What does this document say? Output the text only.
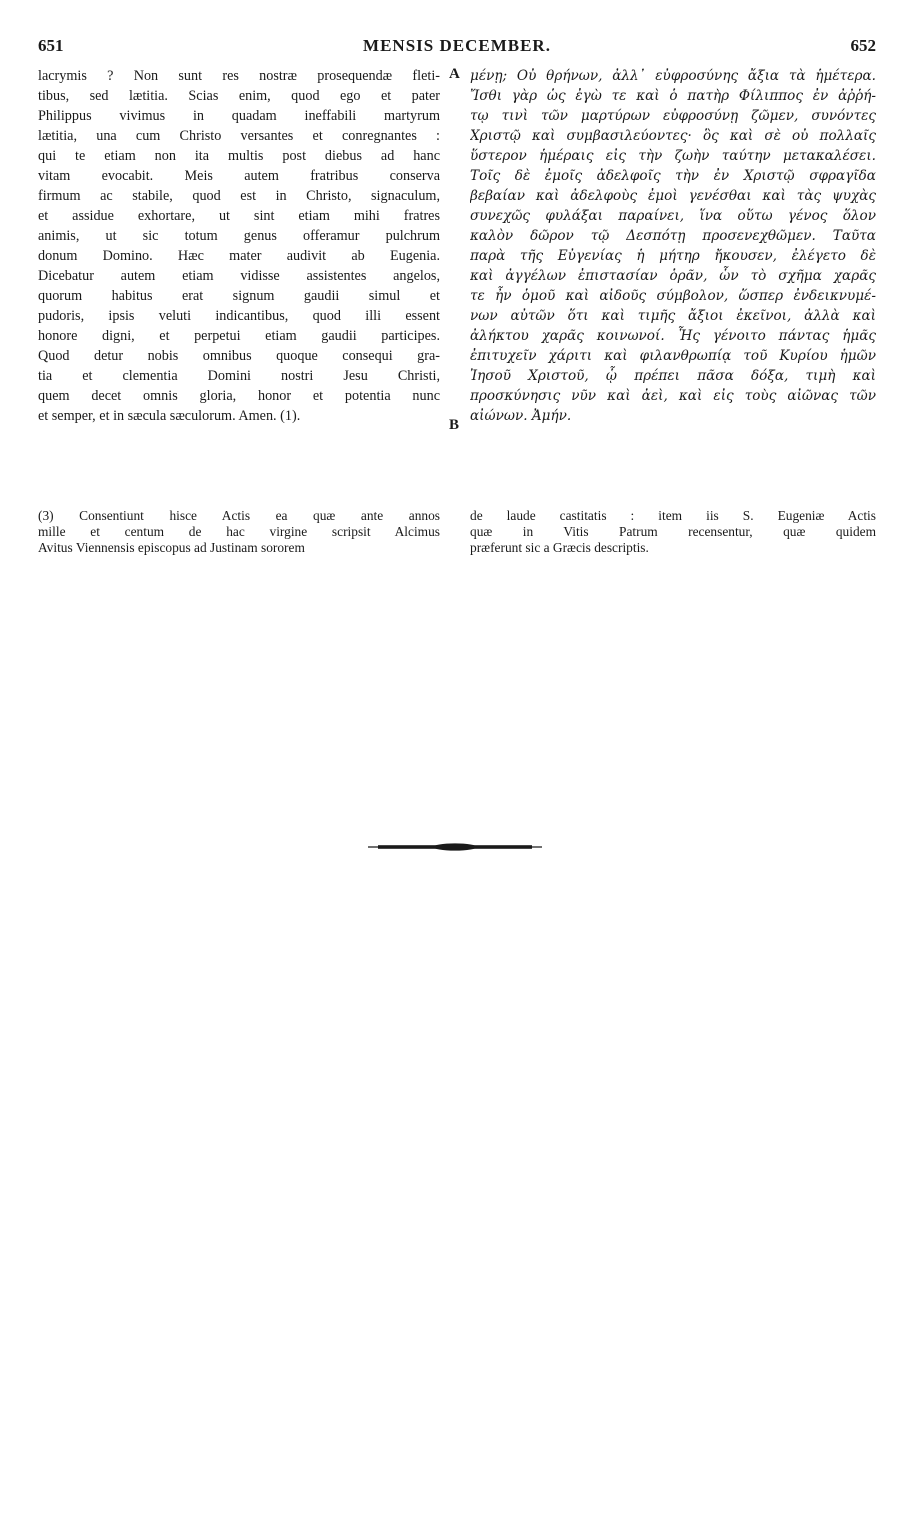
651	MENSIS DECEMBER.	652
lacrymis ? Non sunt res nostræ prosequendæ fleti-
tibus, sed lætitia. Scias enim, quod ego et pater
Philippus vivimus in quadam ineffabili martyrum
lætitia, una cum Christo versantes et conregnantes :
qui te etiam non ita multis post diebus ad hanc
vitam evocabit. Meis autem fratribus conserva
firmum ac stabile, quod est in Christo, signaculum,
et assidue exhortare, ut sint etiam mihi fratres
animis, ut sic totum genus offeramur pulchrum
donum Domino. Hæc mater audivit ab Eugenia.
Dicebatur autem etiam vidisse assistentes angelos,
quorum habitus erat signum gaudii simul et
pudoris, ipsis veluti indicantibus, quod illi essent
honore digni, et perpetui etiam gaudii participes.
Quod detur nobis omnibus quoque consequi gra-
tia et clementia Domini nostri Jesu Christi,
quem decet omnis gloria, honor et potentia nunc
et semper, et in sæcula sæculorum. Amen. (1).
A
B
μένῃ; Οὐ θρήνων, ἀλλ᾽ εὐφροσύνης ἄξια τὰ ἡμέτερα.
Ἴσθι γὰρ ὡς ἐγὼ τε καὶ ὁ πατὴρ Φίλιππος ἐν ἀῤῥή-
τῳ τινὶ τῶν μαρτύρων εὐφροσύνῃ ζῶμεν, συνόντες
Χριστῷ καὶ συμβασιλεύοντες· ὃς καὶ σὲ οὐ πολλαῖς
ὕστερον ἡμέραις εἰς τὴν ζωὴν ταύτην μετακαλέσει.
Τοῖς δὲ ἐμοῖς ἀδελφοῖς τὴν ἐν Χριστῷ σφραγῖδα
βεβαίαν καὶ ἀδελφοὺς ἐμοὶ γενέσθαι καὶ τὰς ψυχὰς
συνεχῶς φυλάξαι παραίνει, ἵνα οὕτω γένος ὅλον
καλὸν δῶρον τῷ Δεσπότῃ προσενεχθῶμεν. Ταῦτα
παρὰ τῆς Εὐγενίας ἡ μήτηρ ἤκουσεν, ἐλέγετο δὲ
καὶ ἀγγέλων ἐπιστασίαν ὁρᾶν, ὧν τὸ σχῆμα χαρᾶς
τε ἦν ὁμοῦ καὶ αἰδοῦς σύμβολον, ὥσπερ ἐνδεικνυμέ-
νων αὐτῶν ὅτι καὶ τιμῆς ἄξιοι ἐκεῖνοι, ἀλλὰ καὶ
ἀλήκτου χαρᾶς κοινωνοί. Ἧς γένοιτο πάντας ἡμᾶς
ἐπιτυχεῖν χάριτι καὶ φιλανθρωπίᾳ τοῦ Κυρίου ἡμῶν
Ἰησοῦ Χριστοῦ, ᾧ πρέπει πᾶσα δόξα, τιμὴ καὶ
προσκύνησις νῦν καὶ ἀεὶ, καὶ εἰς τοὺς αἰῶνας τῶν
αἰώνων. Ἀμήν.
(3) Consentiunt hisce Actis ea quæ ante annos
mille et centum de hac virgine scripsit Alcimus
Avitus Viennensis episcopus ad Justinam sororem
de laude castitatis : item iis S. Eugeniæ Actis
quæ in Vitis Patrum recensentur, quæ quidem
præferunt sic a Græcis descriptis.
